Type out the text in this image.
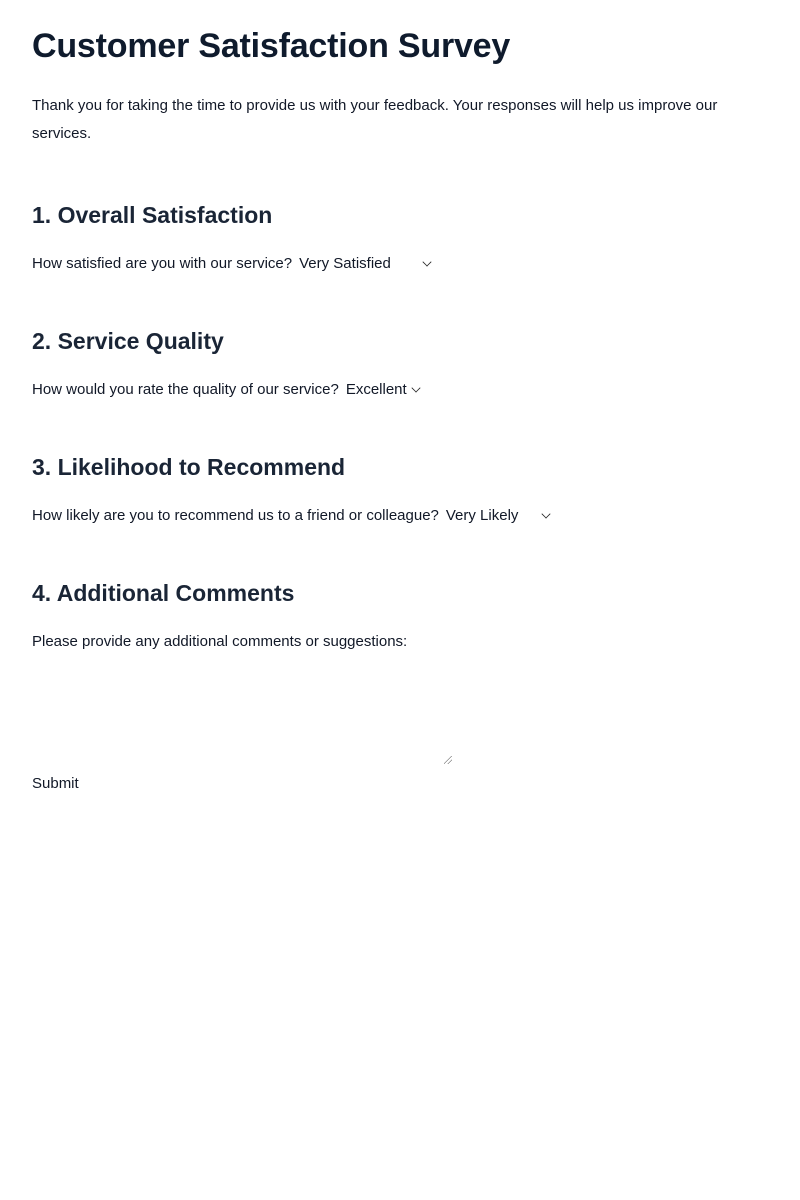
Customer Satisfaction Survey

Thank you for taking the time to provide us with your feedback. Your responses will help us improve our services.

1. Overall Satisfaction
How satisfied are you with our service? Very Satisfied
2. Service Quality
How would you rate the quality of our service? Excellent
3. Likelihood to Recommend
How likely are you to recommend us to a friend or colleague? Very Likely
4. Additional Comments
Please provide any additional comments or suggestions:
Submit
